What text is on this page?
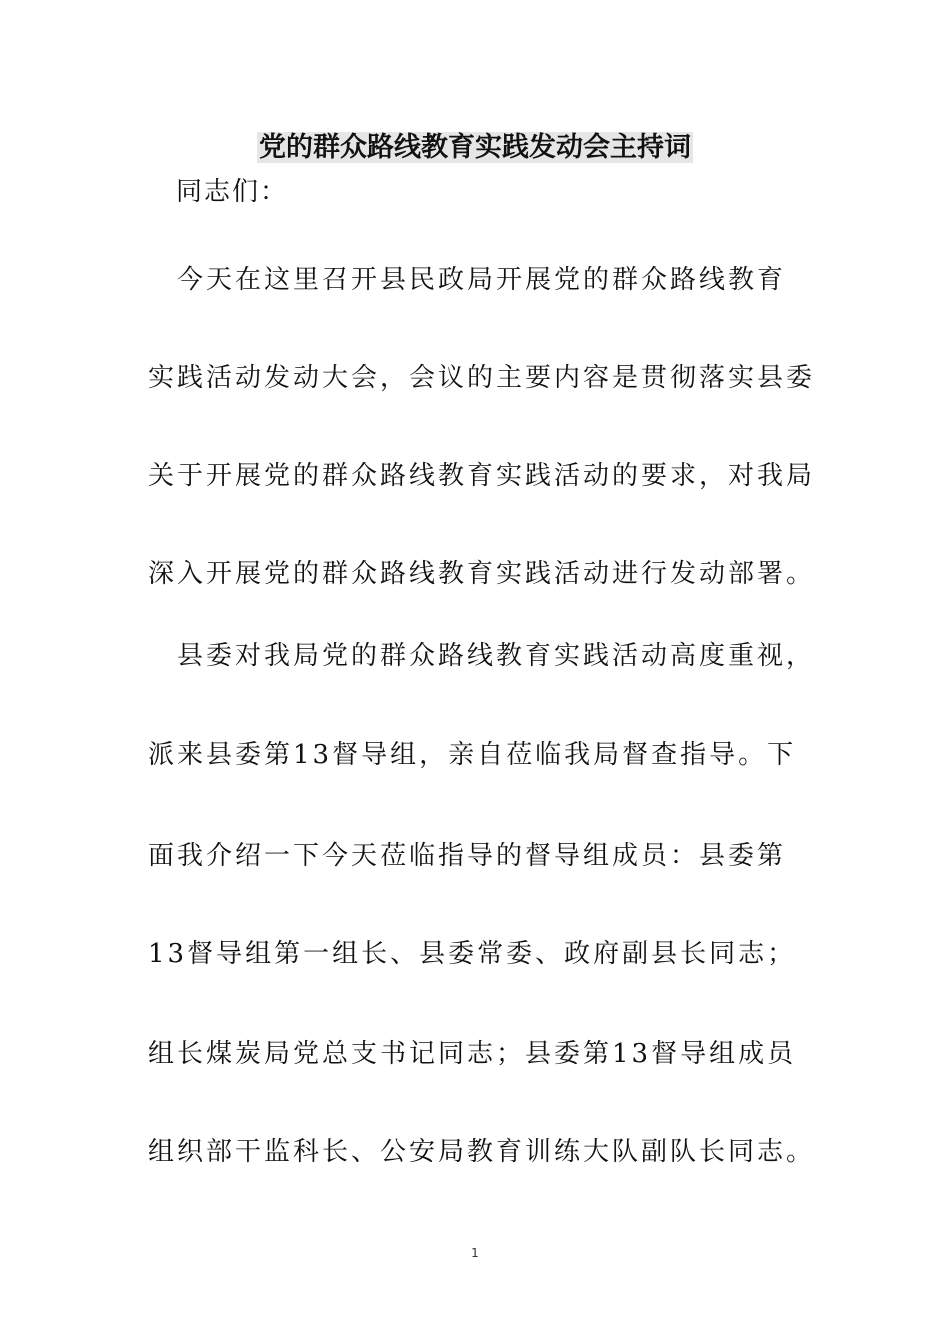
党的群众路线教育实践发动会主持词
同志们：
　今天在这里召开县民政局开展党的群众路线教育
实践活动发动大会，会议的主要内容是贯彻落实县委
关于开展党的群众路线教育实践活动的要求，对我局
深入开展党的群众路线教育实践活动进行发动部署。
　县委对我局党的群众路线教育实践活动高度重视，
派来县委第13督导组，亲自莅临我局督查指导。下
面我介绍一下今天莅临指导的督导组成员：县委第
13督导组第一组长、县委常委、政府副县长同志；
组长煤炭局党总支书记同志；县委第13督导组成员
组织部干监科长、公安局教育训练大队副队长同志。
1
